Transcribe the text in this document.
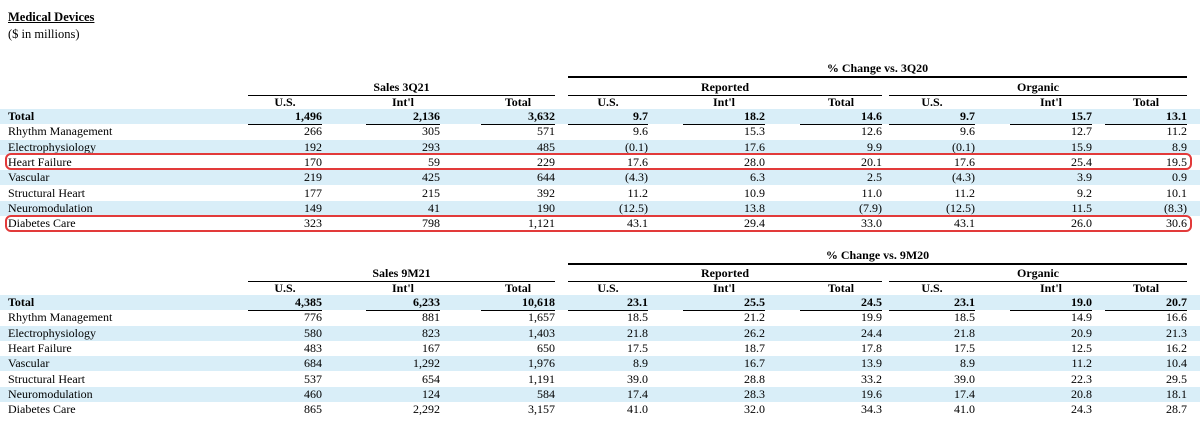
Medical Devices
($ in millions)
% Change vs. 3Q20
Sales 3Q21	Reported	Organic
U.S.	Int'l	Total	U.S.	Int'l	Total	U.S.	Int'l	Total
Total	1,496	2,136	3,632	9.7	18.2	14.6	9.7	15.7	13.1
Rhythm Management	266	305	571	9.6	15.3	12.6	9.6	12.7	11.2
Electrophysiology	192	293	485	(0.1)	17.6	9.9	(0.1)	15.9	8.9
Heart Failure	170	59	229	17.6	28.0	20.1	17.6	25.4	19.5
Vascular	219	425	644	(4.3)	6.3	2.5	(4.3)	3.9	0.9
Structural Heart	177	215	392	11.2	10.9	11.0	11.2	9.2	10.1
Neuromodulation	149	41	190	(12.5)	13.8	(7.9)	(12.5)	11.5	(8.3)
Diabetes Care	323	798	1,121	43.1	29.4	33.0	43.1	26.0	30.6
% Change vs. 9M20
Sales 9M21	Reported	Organic
U.S.	Int'l	Total	U.S.	Int'l	Total	U.S.	Int'l	Total
Total	4,385	6,233	10,618	23.1	25.5	24.5	23.1	19.0	20.7
Rhythm Management	776	881	1,657	18.5	21.2	19.9	18.5	14.9	16.6
Electrophysiology	580	823	1,403	21.8	26.2	24.4	21.8	20.9	21.3
Heart Failure	483	167	650	17.5	18.7	17.8	17.5	12.5	16.2
Vascular	684	1,292	1,976	8.9	16.7	13.9	8.9	11.2	10.4
Structural Heart	537	654	1,191	39.0	28.8	33.2	39.0	22.3	29.5
Neuromodulation	460	124	584	17.4	28.3	19.6	17.4	20.8	18.1
Diabetes Care	865	2,292	3,157	41.0	32.0	34.3	41.0	24.3	28.7
